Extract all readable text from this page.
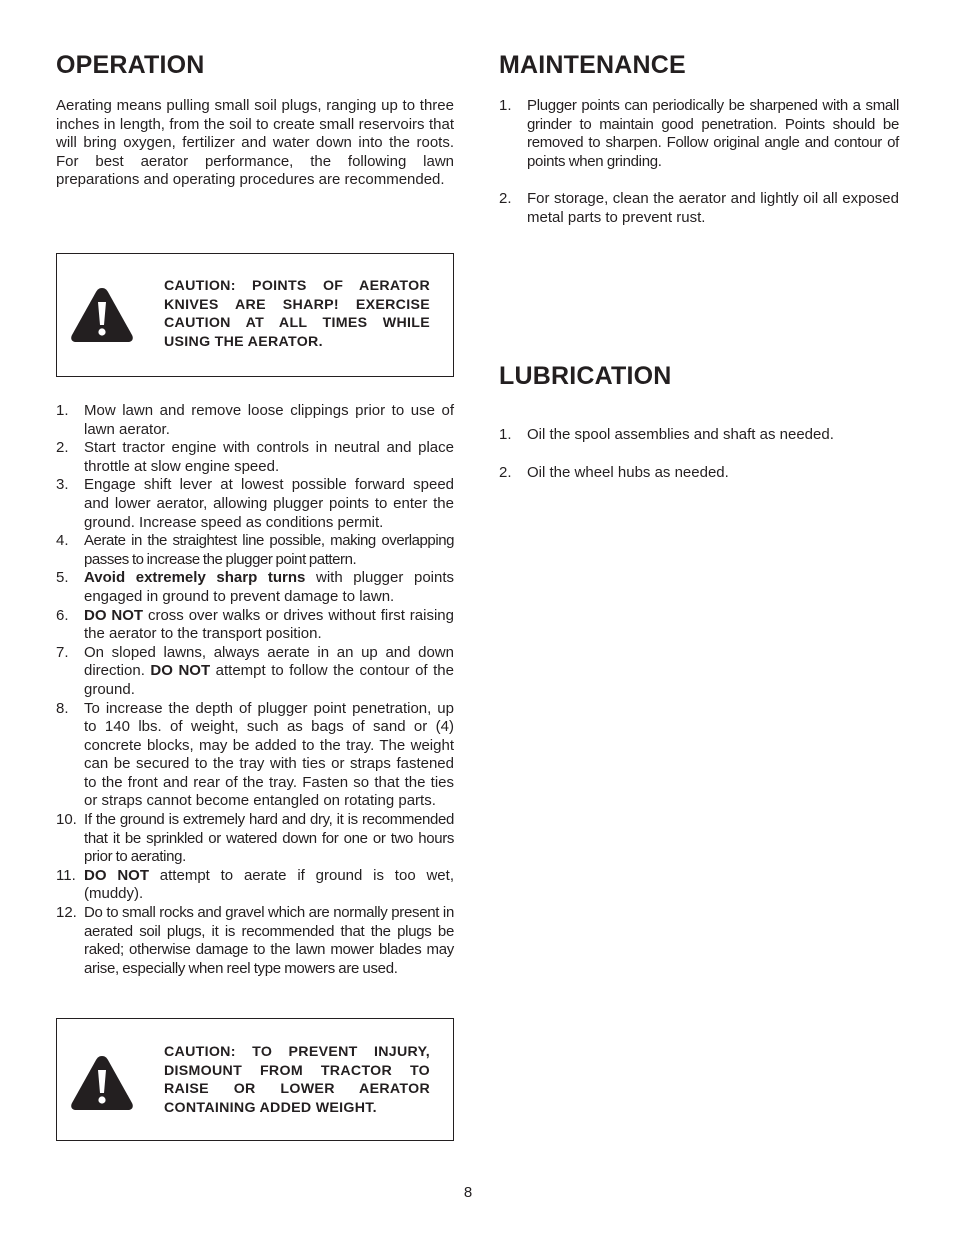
OPERATION

Aerating means pulling small soil plugs, ranging up to three inches in length, from the soil to create small reservoirs that will bring oxygen, fertilizer and water down into the roots. For best aerator performance, the following lawn preparations and operating procedures are recommended.

CAUTION: POINTS OF AERATOR KNIVES ARE SHARP! EXERCISE CAUTION AT ALL TIMES WHILE USING THE AERATOR.
1. Mow lawn and remove loose clippings prior to use of lawn aerator.
2. Start tractor engine with controls in neutral and place throttle at slow engine speed.
3. Engage shift lever at lowest possible forward speed and lower aerator, allowing plugger points to enter the ground. Increase speed as conditions permit.
4. Aerate in the straightest line possible, making overlapping passes to increase the plugger point pattern.
5. Avoid extremely sharp turns with plugger points engaged in ground to prevent damage to lawn.
6. DO NOT cross over walks or drives without first raising the aerator to the transport position.
7. On sloped lawns, always aerate in an up and down direction. DO NOT attempt to follow the contour of the ground.
8. To increase the depth of plugger point penetration, up to 140 lbs. of weight, such as bags of sand or (4) concrete blocks, may be added to the tray. The weight can be secured to the tray with ties or straps fastened to the front and rear of the tray. Fasten so that the ties or straps cannot become entangled on rotating parts.
10. If the ground is extremely hard and dry, it is recommended that it be sprinkled or watered down for one or two hours prior to aerating.
11. DO NOT attempt to aerate if ground is too wet, (muddy).
12. Do to small rocks and gravel which are normally present in aerated soil plugs, it is recommended that the plugs be raked; otherwise damage to the lawn mower blades may arise, especially when reel type mowers are used.
CAUTION: TO PREVENT INJURY, DISMOUNT FROM TRACTOR TO RAISE OR LOWER AERATOR CONTAINING ADDED WEIGHT.
MAINTENANCE
1. Plugger points can periodically be sharpened with a small grinder to maintain good penetration. Points should be removed to sharpen. Follow original angle and contour of points when grinding.
2. For storage, clean the aerator and lightly oil all exposed metal parts to prevent rust.
LUBRICATION
1. Oil the spool assemblies and shaft as needed.
2. Oil the wheel hubs as needed.
8
